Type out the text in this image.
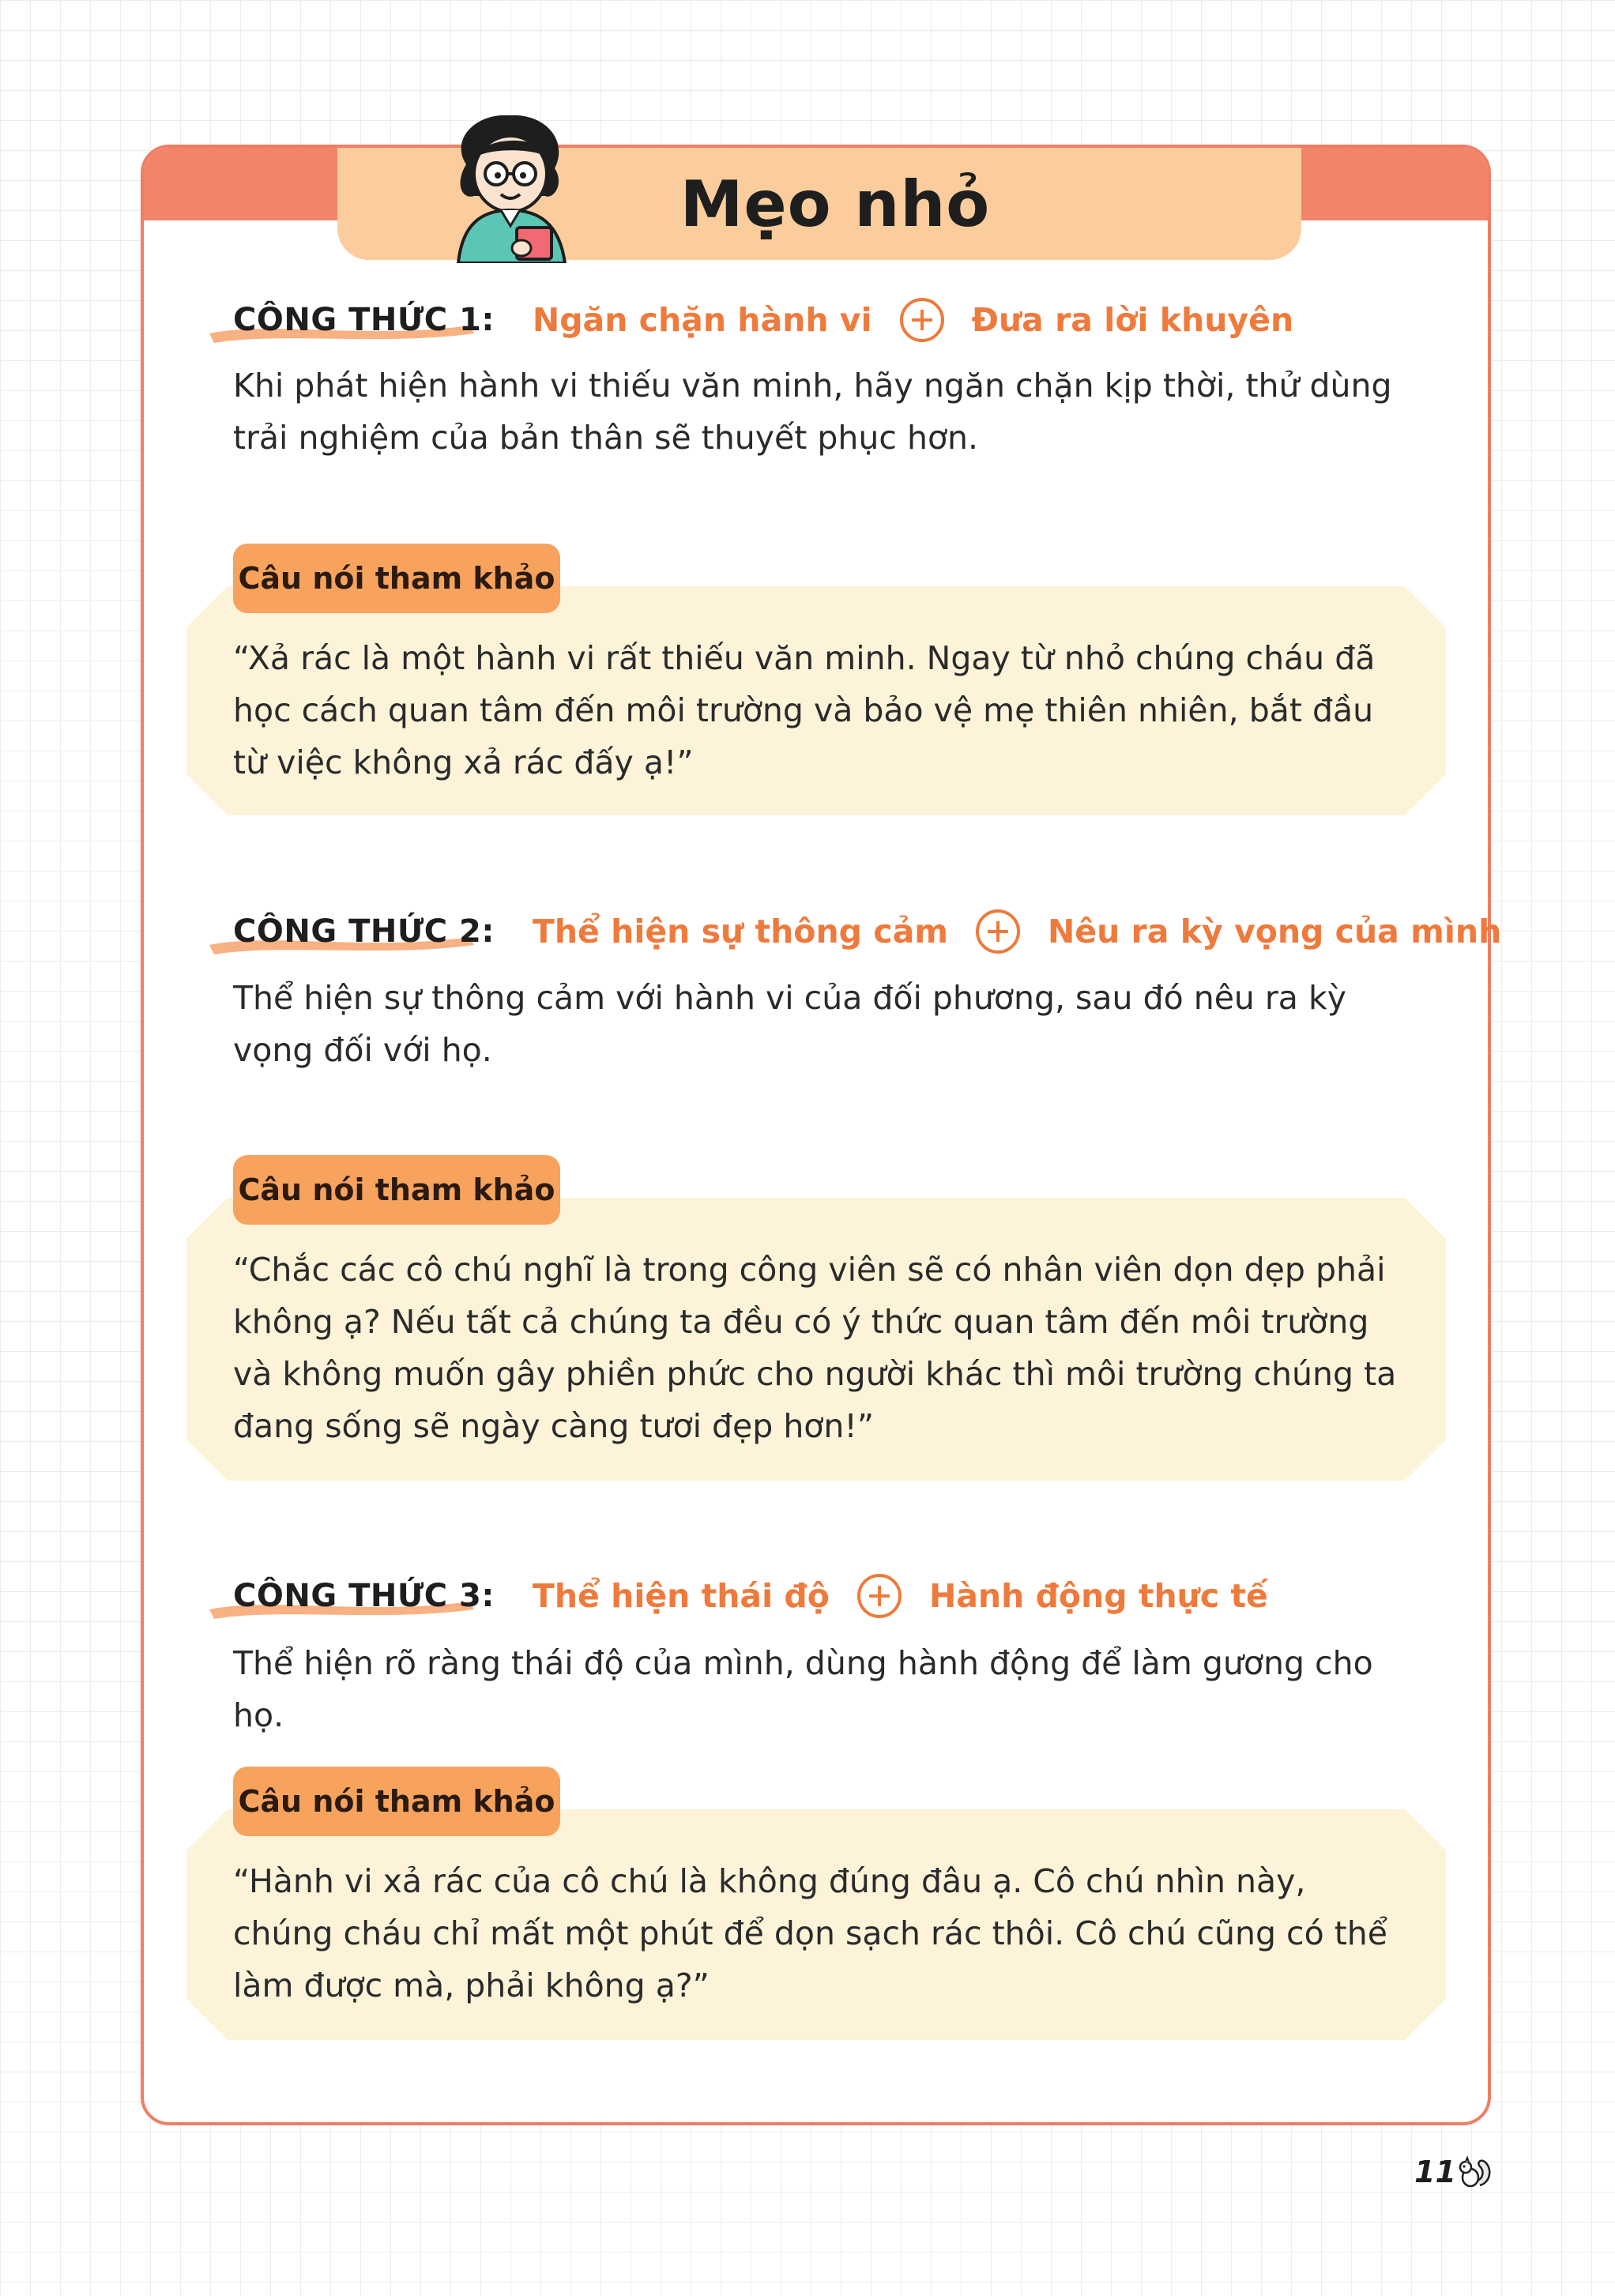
Mẹo nhỏ
CÔNG THỨC 1: Ngăn chặn hành vi	Đưa ra lời khuyên

Khi phát hiện hành vi thiếu văn minh, hãy ngăn chặn kịp thời, thử dùng trải nghiệm của bản thân sẽ thuyết phục hơn.

Câu nói tham khảo

“Xả rác là một hành vi rất thiếu văn minh. Ngay từ nhỏ chúng cháu đã học cách quan tâm đến môi trường và bảo vệ mẹ thiên nhiên, bắt đầu từ việc không xả rác đấy ạ!”

CÔNG THỨC 2: Thể hiện sự thông cảm	Nêu ra kỳ vọng của mình

Thể hiện sự thông cảm với hành vi của đối phương, sau đó nêu ra kỳ vọng đối với họ.

Câu nói tham khảo

“Chắc các cô chú nghĩ là trong công viên sẽ có nhân viên dọn dẹp phải không ạ? Nếu tất cả chúng ta đều có ý thức quan tâm đến môi trường và không muốn gây phiền phức cho người khác thì môi trường chúng ta đang sống sẽ ngày càng tươi đẹp hơn!”

CÔNG THỨC 3: Thể hiện thái độ	Hành động thực tế

Thể hiện rõ ràng thái độ của mình, dùng hành động để làm gương cho họ.

Câu nói tham khảo

“Hành vi xả rác của cô chú là không đúng đâu ạ. Cô chú nhìn này, chúng cháu chỉ mất một phút để dọn sạch rác thôi. Cô chú cũng có thể làm được mà, phải không ạ?”

11
